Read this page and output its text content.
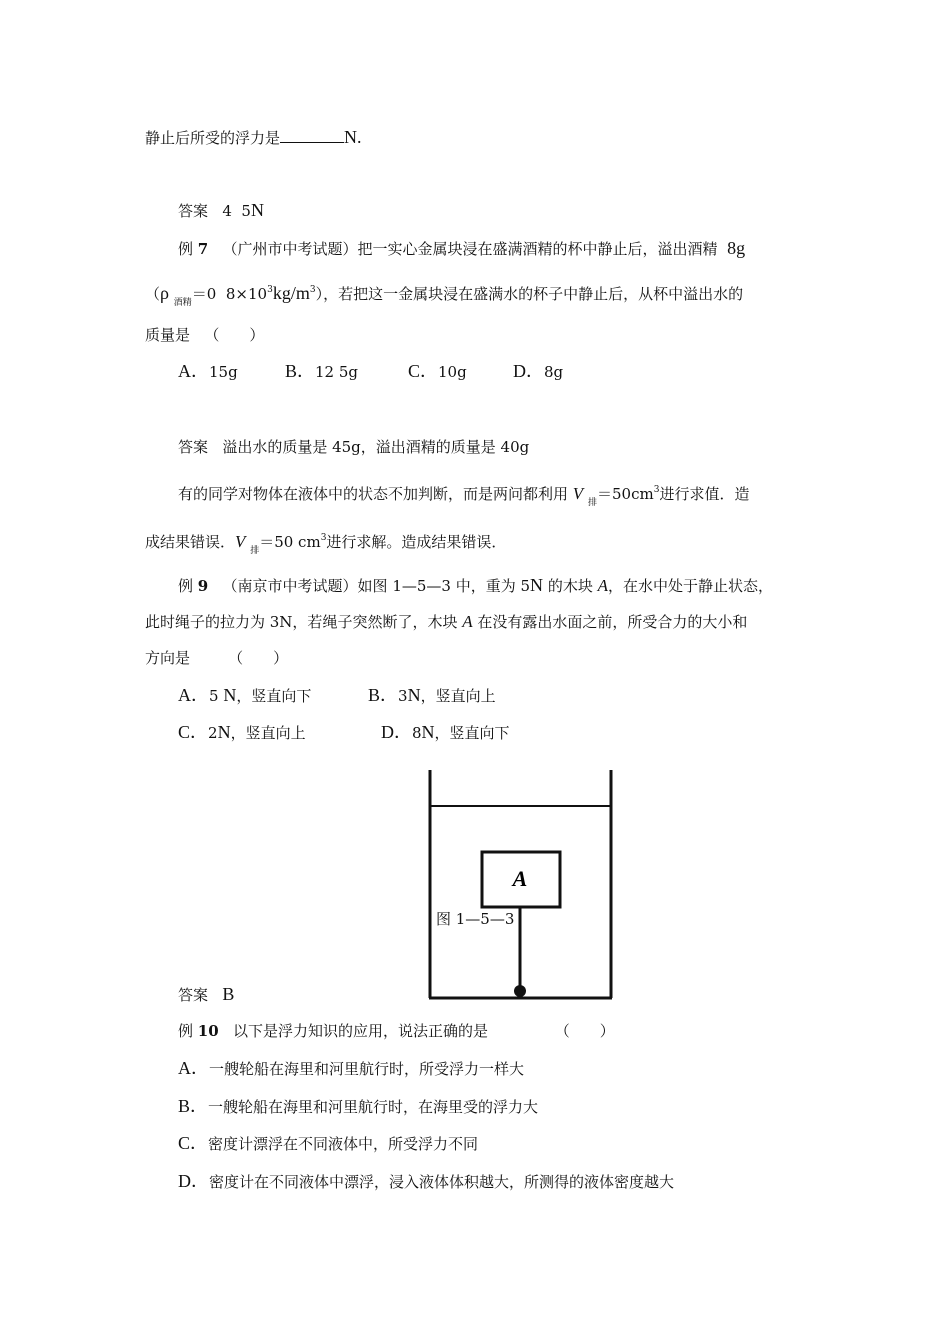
静止后所受的浮力是	N.
答案 4 5N
例 7 （广州市中考试题）把一实心金属块浸在盛满酒精的杯中静止后，溢出酒精 8g
（ρ $_{酒精}$＝0 $8\times 10^3kg/m^3$），若把这一金属块浸在盛满水的杯子中静止后，从杯中溢出水的
质量是 （　　）
A．15g	B．12 5g	C．10g	D．8g
答案 溢出水的质量是 45g，溢出酒精的质量是 40g
有的同学对物体在液体中的状态不加判断，而是两问都利用 V $_排=50cm^3$进行求值．造
成结果错误．V $_排$＝50 $cm^3$进行求解。造成结果错误．
例 9 （南京市中考试题）如图 1—5—3 中，重为 5N 的木块 A，在水中处于静止状态，
此时绳子的拉力为 3N，若绳子突然断了，木块 A 在没有露出水面之前，所受合力的大小和
方向是	（　　）
A．5 N，竖直向下	B．3N，竖直向上
C．2N，竖直向上	D．8N，竖直向下
A
图 1—5—3
答案 B
例 10 以下是浮力知识的应用，说法正确的是	（　　）
A．一艘轮船在海里和河里航行时，所受浮力一样大
B．一艘轮船在海里和河里航行时，在海里受的浮力大
C．密度计漂浮在不同液体中，所受浮力不同
D．密度计在不同液体中漂浮，浸入液体体积越大，所测得的液体密度越大
